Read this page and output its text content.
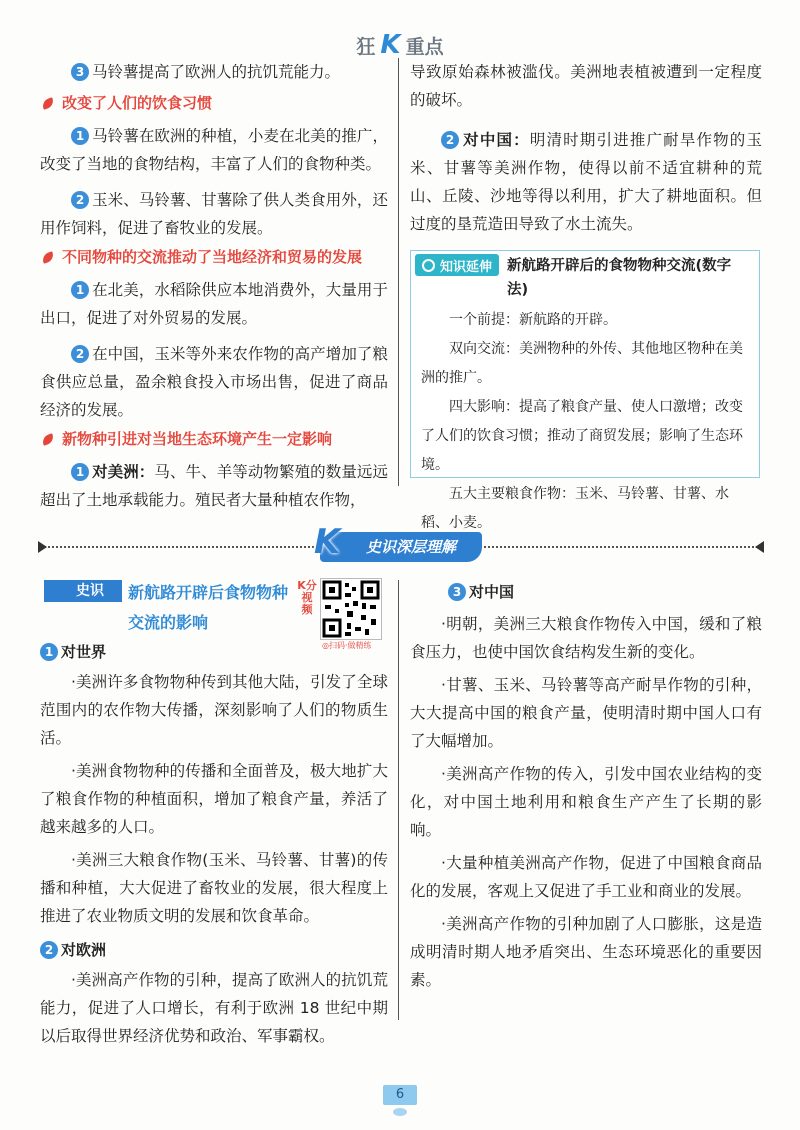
狂 K 重点

3 马铃薯提高了欧洲人的抗饥荒能力。

改变了人们的饮食习惯

1 马铃薯在欧洲的种植，小麦在北美的推广，改变了当地的食物结构，丰富了人们的食物种类。

2 玉米、马铃薯、甘薯除了供人类食用外，还用作饲料，促进了畜牧业的发展。

不同物种的交流推动了当地经济和贸易的发展

1 在北美，水稻除供应本地消费外，大量用于出口，促进了对外贸易的发展。

2 在中国，玉米等外来农作物的高产增加了粮食供应总量，盈余粮食投入市场出售，促进了商品经济的发展。

新物种引进对当地生态环境产生一定影响

1 对美洲：马、牛、羊等动物繁殖的数量远远超出了土地承载能力。殖民者大量种植农作物，

导致原始森林被滥伐。美洲地表植被遭到一定程度的破坏。

2 对中国：明清时期引进推广耐旱作物的玉米、甘薯等美洲作物，使得以前不适宜耕种的荒山、丘陵、沙地等得以利用，扩大了耕地面积。但过度的垦荒造田导致了水土流失。

知识延伸 新航路开辟后的食物物种交流(数字法)

一个前提：新航路的开辟。

双向交流：美洲物种的外传、其他地区物种在美洲的推广。

四大影响：提高了粮食产量、使人口激增；改变了人们的饮食习惯；推动了商贸发展；影响了生态环境。

五大主要粮食作物：玉米、马铃薯、甘薯、水稻、小麦。

史识深层理解
K
史识	新航路开辟后食物物种
交流的影响
K分视频
◎扫码·做精练
1 对世界

·美洲许多食物物种传到其他大陆，引发了全球范围内的农作物大传播，深刻影响了人们的物质生活。

·美洲食物物种的传播和全面普及，极大地扩大了粮食作物的种植面积，增加了粮食产量，养活了越来越多的人口。

·美洲三大粮食作物(玉米、马铃薯、甘薯)的传播和种植，大大促进了畜牧业的发展，很大程度上推进了农业物质文明的发展和饮食革命。

2 对欧洲

·美洲高产作物的引种，提高了欧洲人的抗饥荒能力，促进了人口增长，有利于欧洲 18 世纪中期以后取得世界经济优势和政治、军事霸权。

3 对中国

·明朝，美洲三大粮食作物传入中国，缓和了粮食压力，也使中国饮食结构发生新的变化。

·甘薯、玉米、马铃薯等高产耐旱作物的引种，大大提高中国的粮食产量，使明清时期中国人口有了大幅增加。

·美洲高产作物的传入，引发中国农业结构的变化，对中国土地利用和粮食生产产生了长期的影响。

·大量种植美洲高产作物，促进了中国粮食商品化的发展，客观上又促进了手工业和商业的发展。

·美洲高产作物的引种加剧了人口膨胀，这是造成明清时期人地矛盾突出、生态环境恶化的重要因素。

6
